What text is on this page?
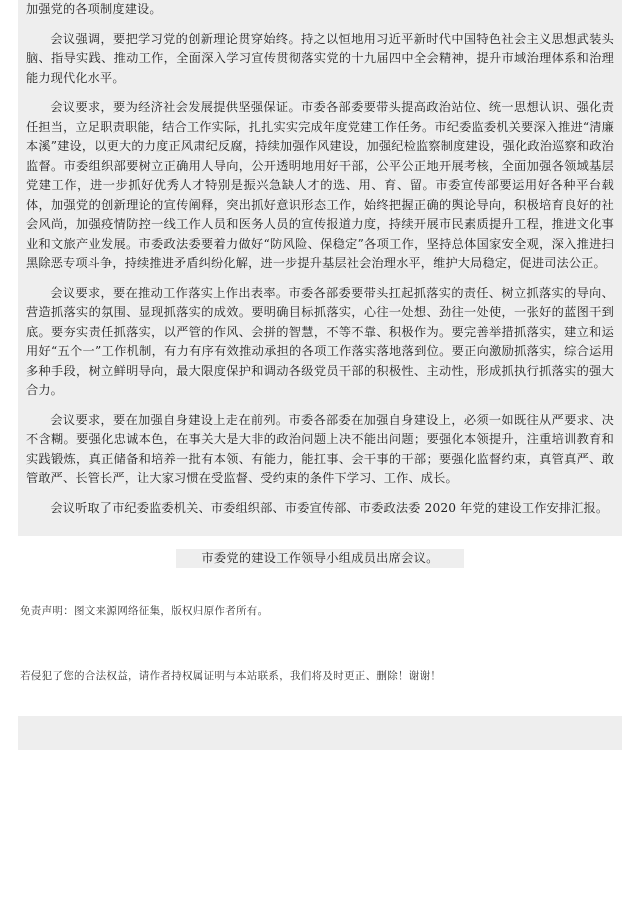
加强党的各项制度建设。

会议强调，要把学习党的创新理论贯穿始终。持之以恒地用习近平新时代中国特色社会主义思想武装头脑、指导实践、推动工作，全面深入学习宣传贯彻落实党的十九届四中全会精神，提升市域治理体系和治理能力现代化水平。

会议要求，要为经济社会发展提供坚强保证。市委各部委要带头提高政治站位、统一思想认识、强化责任担当，立足职责职能，结合工作实际，扎扎实实完成年度党建工作任务。市纪委监委机关要深入推进“清廉本溪”建设，以更大的力度正风肃纪反腐，持续加强作风建设，加强纪检监察制度建设，强化政治巡察和政治监督。市委组织部要树立正确用人导向，公开透明地用好干部，公平公正地开展考核，全面加强各领域基层党建工作，进一步抓好优秀人才特别是振兴急缺人才的选、用、育、留。市委宣传部要运用好各种平台载体，加强党的创新理论的宣传阐释，突出抓好意识形态工作，始终把握正确的舆论导向，积极培育良好的社会风尚，加强疫情防控一线工作人员和医务人员的宣传报道力度，持续开展市民素质提升工程，推进文化事业和文旅产业发展。市委政法委要着力做好“防风险、保稳定”各项工作，坚持总体国家安全观，深入推进扫黑除恶专项斗争，持续推进矛盾纠纷化解，进一步提升基层社会治理水平，维护大局稳定，促进司法公正。

会议要求，要在推动工作落实上作出表率。市委各部委要带头扛起抓落实的责任、树立抓落实的导向、营造抓落实的氛围、显现抓落实的成效。要明确目标抓落实，心往一处想、劲往一处使，一张好的蓝图干到底。要夯实责任抓落实，以严管的作风、会拼的智慧，不等不靠、积极作为。要完善举措抓落实，建立和运用好“五个一”工作机制，有力有序有效推动承担的各项工作落实落地落到位。要正向激励抓落实，综合运用多种手段，树立鲜明导向，最大限度保护和调动各级党员干部的积极性、主动性，形成抓执行抓落实的强大合力。

会议要求，要在加强自身建设上走在前列。市委各部委在加强自身建设上，必须一如既往从严要求、决不含糊。要强化忠诚本色，在事关大是大非的政治问题上决不能出问题；要强化本领提升，注重培训教育和实践锻炼，真正储备和培养一批有本领、有能力，能扛事、会干事的干部；要强化监督约束，真管真严、敢管敢严、长管长严，让大家习惯在受监督、受约束的条件下学习、工作、成长。

会议听取了市纪委监委机关、市委组织部、市委宣传部、市委政法委 2020 年党的建设工作安排汇报。

市委党的建设工作领导小组成员出席会议。
免责声明：图文来源网络征集，版权归原作者所有。
若侵犯了您的合法权益，请作者持权属证明与本站联系，我们将及时更正、删除！谢谢！
